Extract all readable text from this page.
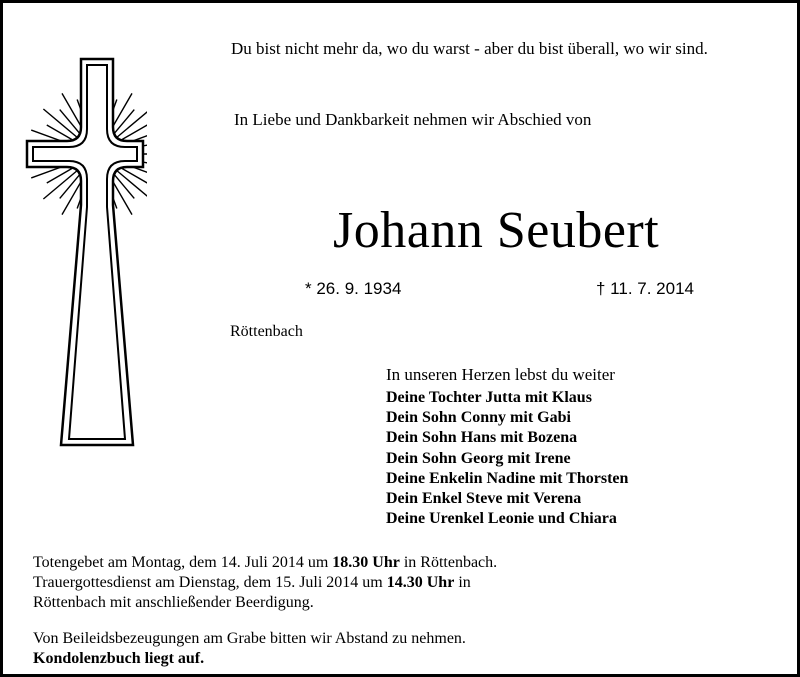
Du bist nicht mehr da, wo du warst - aber du bist überall, wo wir sind.
In Liebe und Dankbarkeit nehmen wir Abschied von
Johann Seubert
* 26. 9. 1934	† 11. 7. 2014
Röttenbach
In unseren Herzen lebst du weiter
Deine Tochter Jutta mit Klaus
Dein Sohn Conny mit Gabi
Dein Sohn Hans mit Bozena
Dein Sohn Georg mit Irene
Deine Enkelin Nadine mit Thorsten
Dein Enkel Steve mit Verena
Deine Urenkel Leonie und Chiara
Totengebet am Montag, dem 14. Juli 2014 um 18.30 Uhr in Röttenbach.
Trauergottesdienst am Dienstag, dem 15. Juli 2014 um 14.30 Uhr in
Röttenbach mit anschließender Beerdigung.
Von Beileidsbezeugungen am Grabe bitten wir Abstand zu nehmen.
Kondolenzbuch liegt auf.
